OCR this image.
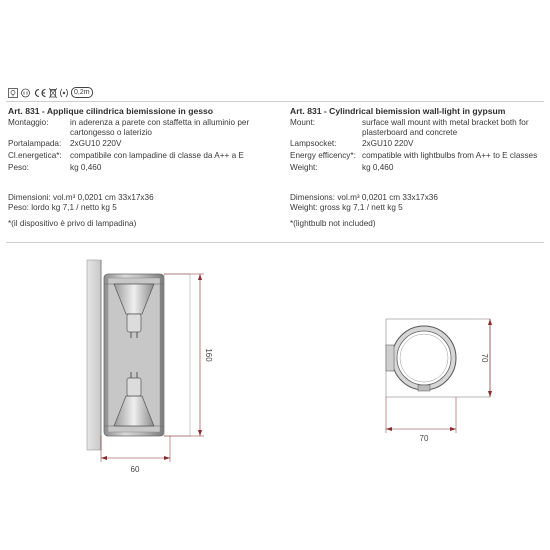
0,2m
Art. 831 - Applique cilindrica biemissione in gesso
Montaggio:	in aderenza a parete con staffetta in alluminio per
cartongesso o laterizio
Portalampada: 2xGU10 220V
Cl.energetica*: compatibile con lampadine di classe da A++ a E
Peso:	kg 0,460
Dimensioni: vol.m³ 0,0201 cm 33x17x36
Peso: lordo kg 7,1 / netto kg 5
*(il dispositivo è privo di lampadina)
Art. 831 - Cylindrical biemission wall-light in gypsum
Mount:	surface wall mount with metal bracket both for
plasterboard and concrete
Lampsocket:	2xGU10 220V
Energy efficency*: compatible with lightbulbs from A++ to E classes
Weight:	kg 0,460
Dimensions: vol.m³ 0,0201 cm 33x17x36
Weight: gross kg 7,1 / nett kg 5
*(lightbulb not included)
160
60
70
70
